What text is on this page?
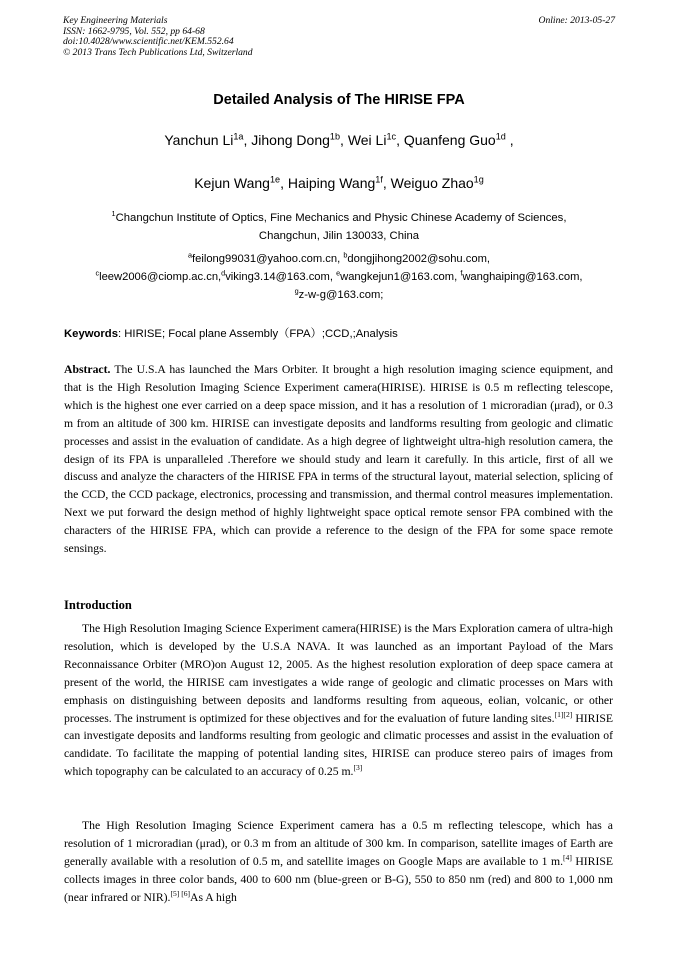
Key Engineering Materials
ISSN: 1662-9795, Vol. 552, pp 64-68
doi:10.4028/www.scientific.net/KEM.552.64
© 2013 Trans Tech Publications Ltd, Switzerland
Online: 2013-05-27
Detailed Analysis of The HIRISE FPA
Yanchun $Li^{1a}$, Jihong Dong$^{1b}$, Wei $Li^{1c}$, Quanfeng Guo$^{1d}$ ,
Kejun Wang$^{1e}$, Haiping Wang$^{1f}$, Weiguo Zhao$^{1g}$
$^1$Changchun Institute of Optics, Fine Mechanics and Physic Chinese Academy of Sciences,
Changchun, Jilin 130033, China
$^a$feilong99031@yahoo.com.cn, $^b$dongjihong2002@sohu.com,
$^c$leew2006@ciomp.ac.cn,$^d$viking3.14@163.com, $^e$wangkejun1@163.com, $^f$wanghaiping@163.com,
$^g$z-w-g@163.com;
Keywords: HIRISE; Focal plane Assembly（FPA）;CCD,;Analysis
Abstract. The U.S.A has launched the Mars Orbiter. It brought a high resolution imaging science equipment, and that is the High Resolution Imaging Science Experiment camera(HIRISE). HIRISE is 0.5 m reflecting telescope, which is the highest one ever carried on a deep space mission, and it has a resolution of 1 microradian (μrad), or 0.3 m from an altitude of 300 km. HIRISE can investigate deposits and landforms resulting from geologic and climatic processes and assist in the evaluation of candidate. As a high degree of lightweight ultra-high resolution camera, the design of its FPA is unparalleled .Therefore we should study and learn it carefully. In this article, first of all we discuss and analyze the characters of the HIRISE FPA in terms of the structural layout, material selection, splicing of the CCD, the CCD package, electronics, processing and transmission, and thermal control measures implementation. Next we put forward the design method of highly lightweight space optical remote sensor FPA combined with the characters of the HIRISE FPA, which can provide a reference to the design of the FPA for some space remote sensings.
Introduction
The High Resolution Imaging Science Experiment camera(HIRISE) is the Mars Exploration camera of ultra-high resolution, which is developed by the U.S.A NAVA. It was launched as an important Payload of the Mars Reconnaissance Orbiter (MRO)on August 12, 2005. As the highest resolution exploration of deep space camera at present of the world, the HIRISE cam investigates a wide range of geologic and climatic processes on Mars with emphasis on distinguishing between deposits and landforms resulting from aqueous, eolian, volcanic, or other processes. The instrument is optimized for these objectives and for the evaluation of future landing sites.[1][2] HIRISE can investigate deposits and landforms resulting from geologic and climatic processes and assist in the evaluation of candidate. To facilitate the mapping of potential landing sites, HIRISE can produce stereo pairs of images from which topography can be calculated to an accuracy of 0.25 m.[3]
The High Resolution Imaging Science Experiment camera has a 0.5 m reflecting telescope, which has a resolution of 1 microradian (μrad), or 0.3 m from an altitude of 300 km. In comparison, satellite images of Earth are generally available with a resolution of 0.5 m, and satellite images on Google Maps are available to 1 m.[4] HIRISE collects images in three color bands, 400 to 600 nm (blue-green or B-G), 550 to 850 nm (red) and 800 to 1,000 nm (near infrared or NIR).[5] [6]As A high
